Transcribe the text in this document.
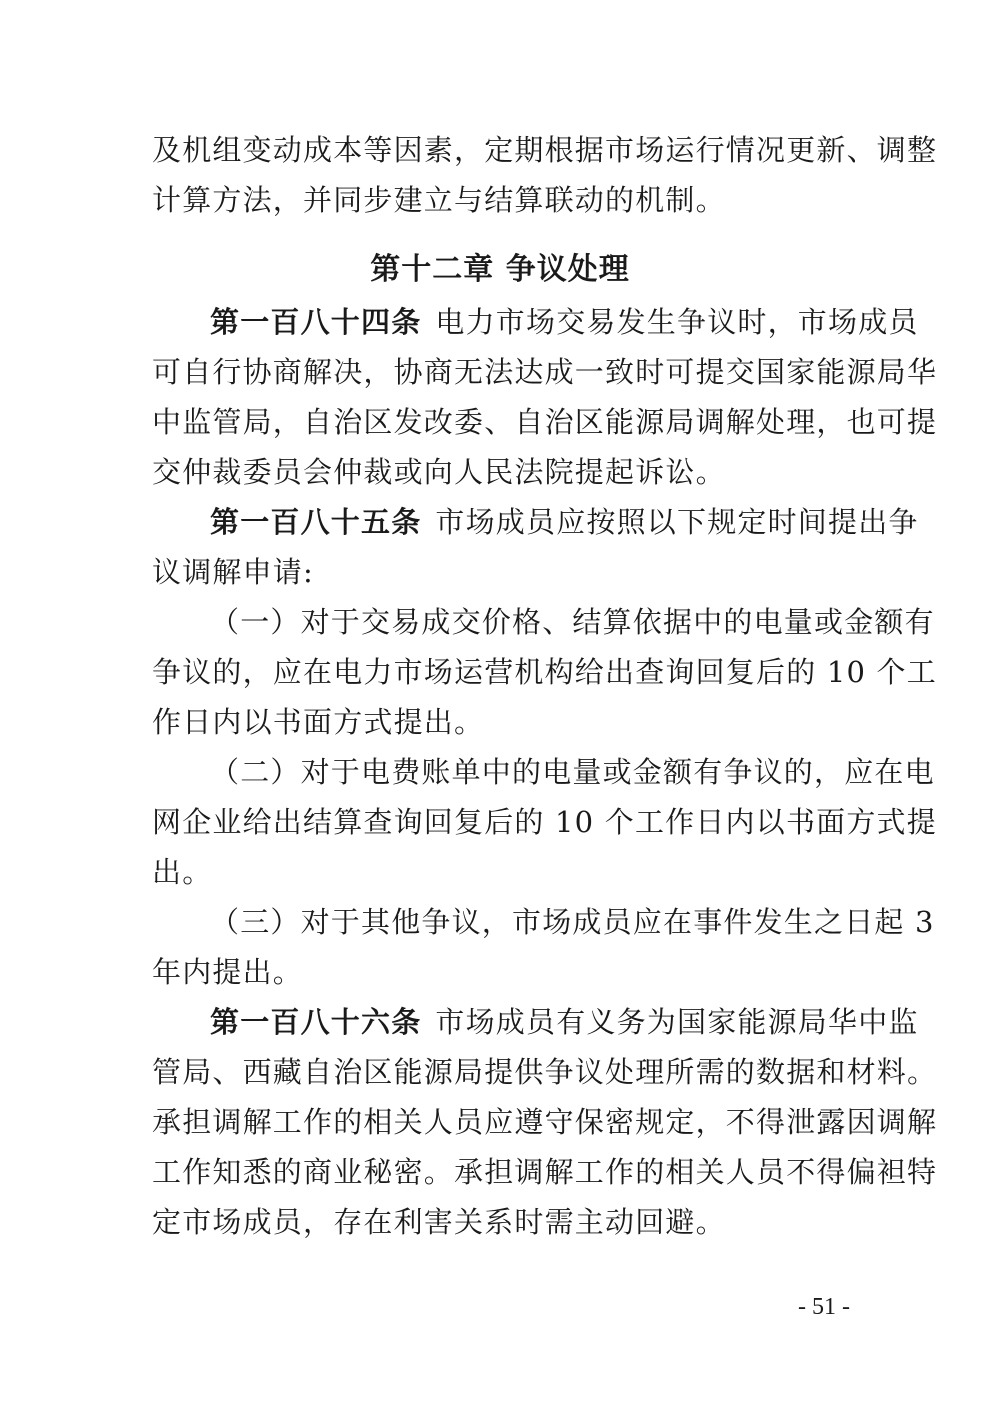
及机组变动成本等因素，定期根据市场运行情况更新、调整
计算方法，并同步建立与结算联动的机制。
第十二章 争议处理
第一百八十四条 电力市场交易发生争议时，市场成员
可自行协商解决，协商无法达成一致时可提交国家能源局华
中监管局，自治区发改委、自治区能源局调解处理，也可提
交仲裁委员会仲裁或向人民法院提起诉讼。
第一百八十五条 市场成员应按照以下规定时间提出争
议调解申请:
（一）对于交易成交价格、结算依据中的电量或金额有
争议的，应在电力市场运营机构给出查询回复后的 10 个工
作日内以书面方式提出。
（二）对于电费账单中的电量或金额有争议的，应在电
网企业给出结算查询回复后的 10 个工作日内以书面方式提
出。
（三）对于其他争议，市场成员应在事件发生之日起 3
年内提出。
第一百八十六条 市场成员有义务为国家能源局华中监
管局、西藏自治区能源局提供争议处理所需的数据和材料。
承担调解工作的相关人员应遵守保密规定，不得泄露因调解
工作知悉的商业秘密。承担调解工作的相关人员不得偏袒特
定市场成员，存在利害关系时需主动回避。
- 51 -
